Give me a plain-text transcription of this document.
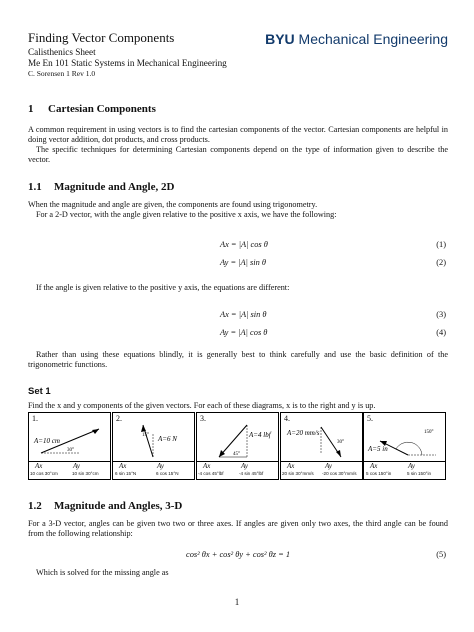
Finding Vector Components
Calisthenics Sheet
Me En 101 Static Systems in Mechanical Engineering
C. Sorensen 1 Rev 1.0
BYU Mechanical Engineering
1 Cartesian Components
A common requirement in using vectors is to find the cartesian components of the vector. Cartesian components are helpful in doing vector addition, dot products, and cross products.
The specific techniques for determining Cartesian components depend on the type of information given to describe the vector.
1.1 Magnitude and Angle, 2D
When the magnitude and angle are given, the components are found using trigonometry.
For a 2-D vector, with the angle given relative to the positive x axis, we have the following:
Ax = |A| cos θ	(1)
Ay = |A| sin θ	(2)
If the angle is given relative to the positive y axis, the equations are different:
Ax = |A| sin θ	(3)
Ay = |A| cos θ	(4)
Rather than using these equations blindly, it is generally best to think carefully and use the basic definition of the trigonometric functions.
Set 1
Find the x and y components of the given vectors. For each of these diagrams, x is to the right and y is up.
1.
A=10 cm
30°
Ax	Ay
10 cos 30°cm	10 sin 30°cm
2.
A=6 N
15°
Ax	Ay
6 sin 15°N	6 cos 15°N
3.
A=4 lbf
45°
Ax	Ay
-4 cos 45°lbf	-4 sin 45°lbf
4.
A=20 mm/s
30°
Ax	Ay
20 sin 30°mm/s -20 cos 30°mm/s
5.
A=5 in
150°
Ax	Ay
5 cos 150°in	5 sin 150°in
1.2 Magnitude and Angles, 3-D
For a 3-D vector, angles can be given two two or three axes. If angles are given only two axes, the third angle can be found from the following relationship:
cos² θx + cos² θy + cos² θz = 1	(5)
Which is solved for the missing angle as
1
